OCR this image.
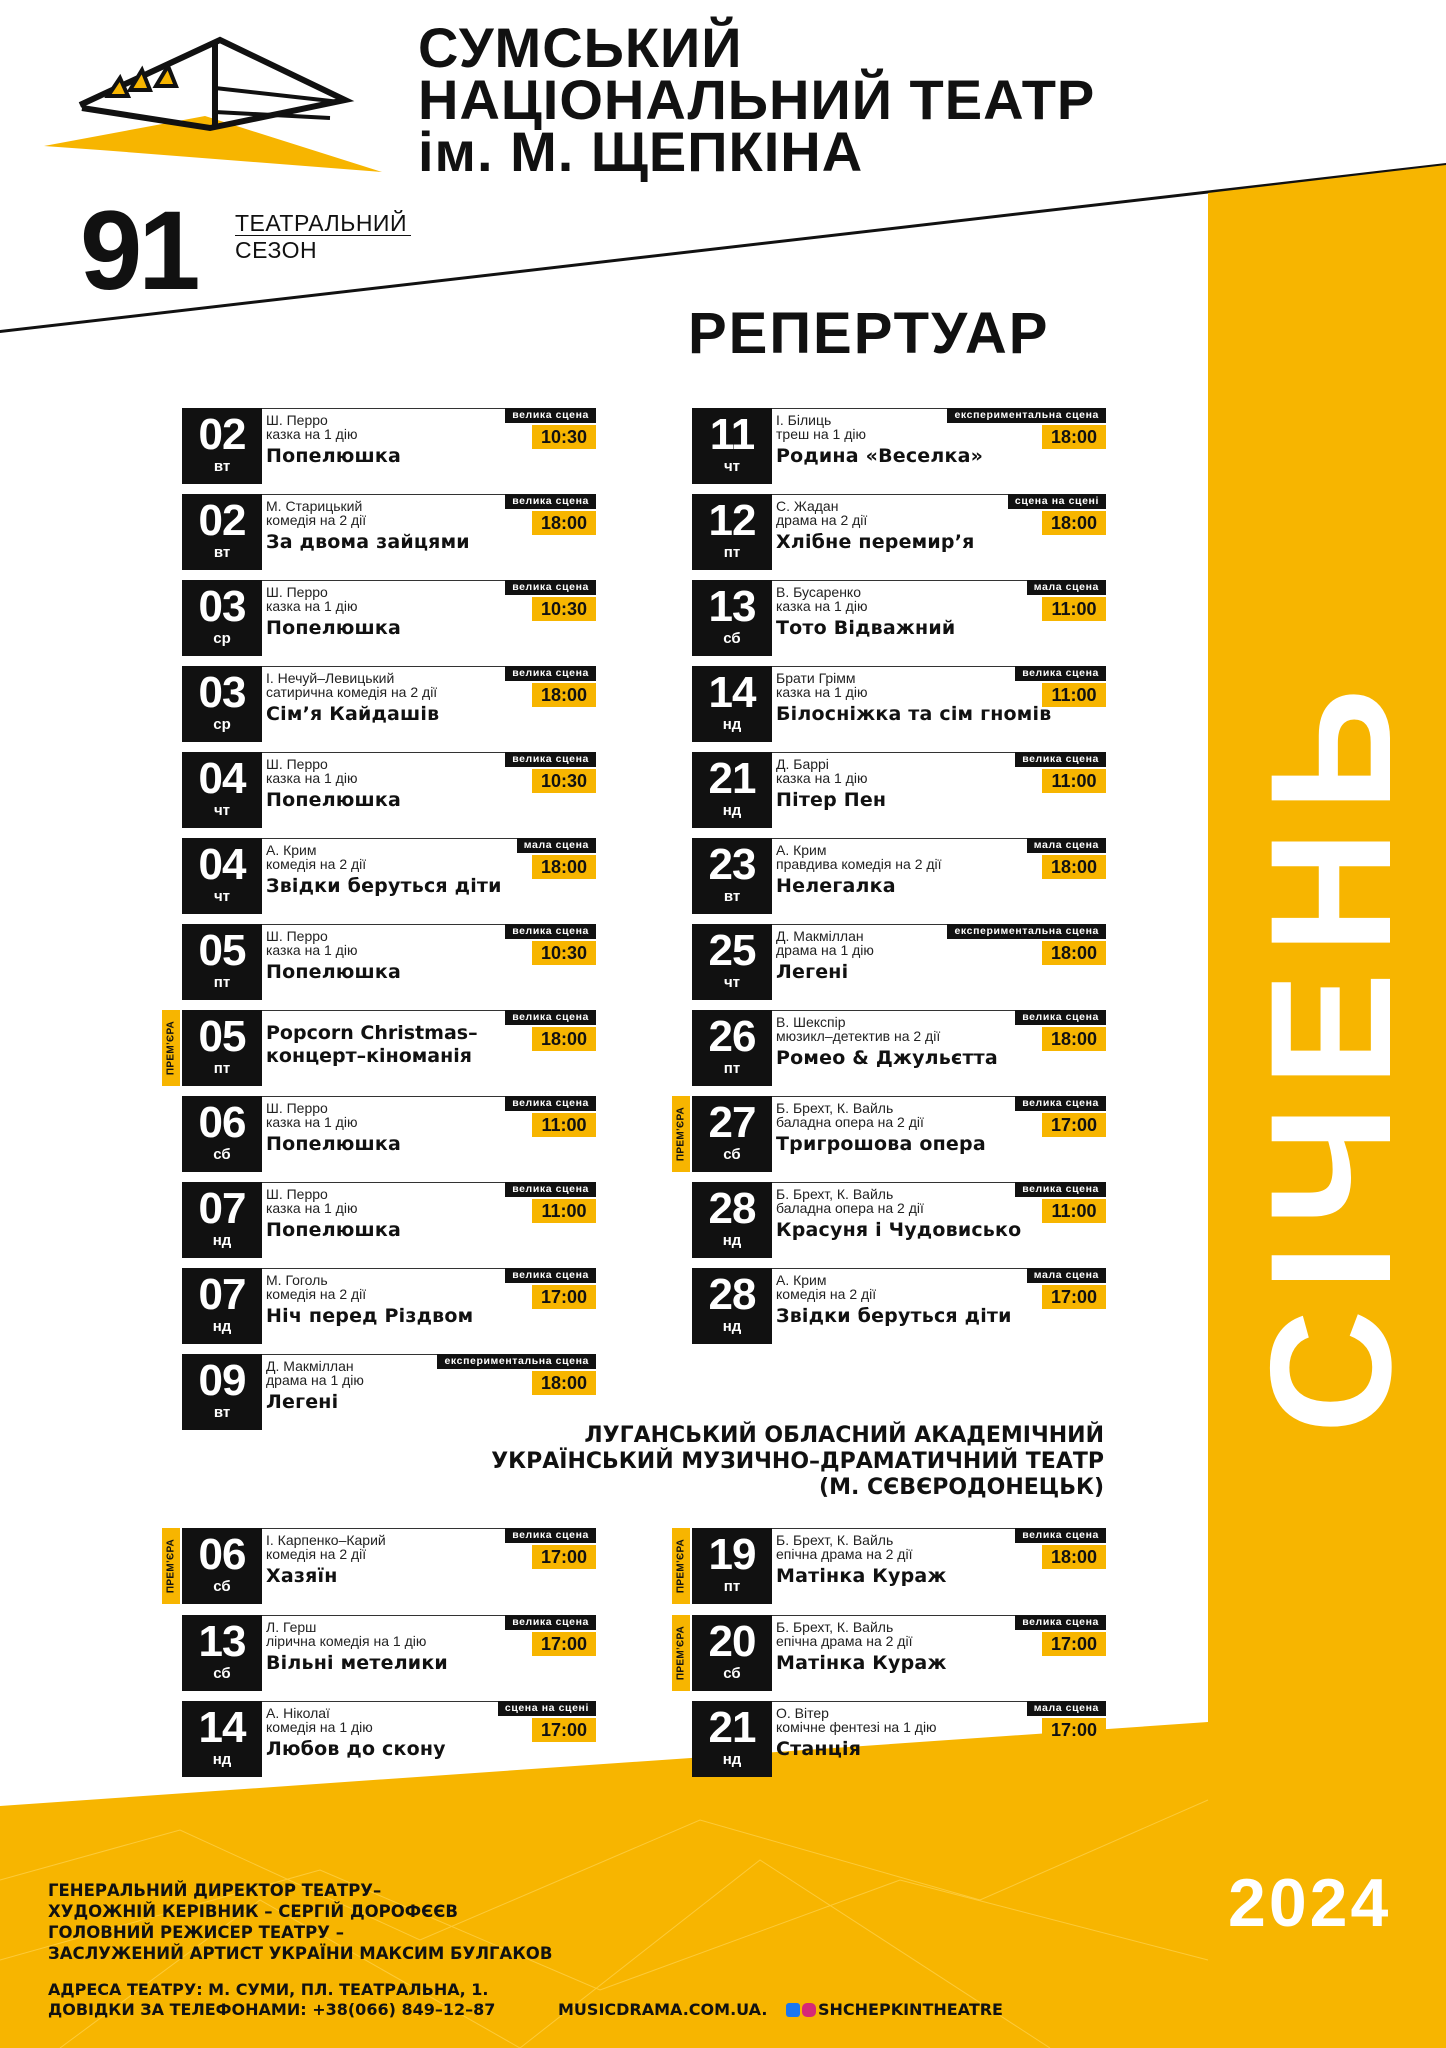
СУМСЬКИЙ
НАЦІОНАЛЬНИЙ ТЕАТР
ім. М. ЩЕПКІНА
91 ТЕАТРАЛЬНИЙ
СЕЗОН
РЕПЕРТУАР
СІЧЕНЬ
2024
ЛУГАНСЬКИЙ ОБЛАСНИЙ АКАДЕМІЧНИЙ
УКРАЇНСЬКИЙ МУЗИЧНО–ДРАМАТИЧНИЙ ТЕАТР
(М. СЄВЄРОДОНЕЦЬК)
ГЕНЕРАЛЬНИЙ ДИРЕКТОР ТЕАТРУ–
ХУДОЖНІЙ КЕРІВНИК – СЕРГІЙ ДОРОФЄЄВ
ГОЛОВНИЙ РЕЖИСЕР ТЕАТРУ –
ЗАСЛУЖЕНИЙ АРТИСТ УКРАЇНИ МАКСИМ БУЛГАКОВ
АДРЕСА ТЕАТРУ: М. СУМИ, ПЛ. ТЕАТРАЛЬНА, 1.
ДОВІДКИ ЗА ТЕЛЕФОНАМИ: +38(066) 849–12–87	MUSICDRAMA.COM.UA.	SHCHEPKINTHEATRE
02
вт
велика сцена
10:30
Ш. Перро
казка на 1 дію
Попелюшка
02
вт
велика сцена
18:00
М. Старицький
комедія на 2 дії
За двома зайцями
03
ср
велика сцена
10:30
Ш. Перро
казка на 1 дію
Попелюшка
03
ср
велика сцена
18:00
І. Нечуй–Левицький
сатирична комедія на 2 дії
Сім’я Кайдашів
04
чт
велика сцена
10:30
Ш. Перро
казка на 1 дію
Попелюшка
04
чт
мала сцена
18:00
А. Крим
комедія на 2 дії
Звідки беруться діти
05
пт
велика сцена
10:30
Ш. Перро
казка на 1 дію
Попелюшка
ПРЕМ’ЄРА 05
пт
велика сцена
18:00
Popcorn Christmas–
концерт–кіноманія
06
сб
велика сцена
11:00
Ш. Перро
казка на 1 дію
Попелюшка
07
нд
велика сцена
11:00
Ш. Перро
казка на 1 дію
Попелюшка
07
нд
велика сцена
17:00
М. Гоголь
комедія на 2 дії
Ніч перед Різдвом
09
вт
експериментальна сцена
18:00
Д. Макміллан
драма на 1 дію
Легені
11
чт
експериментальна сцена
18:00
І. Білиць
треш на 1 дію
Родина «Веселка»
12
пт
сцена на сцені
18:00
С. Жадан
драма на 2 дії
Хлібне перемир’я
13
сб
мала сцена
11:00
В. Бусаренко
казка на 1 дію
Тото Відважний
14
нд
велика сцена
11:00
Брати Грімм
казка на 1 дію
Білосніжка та сім гномів
21
нд
велика сцена
11:00
Д. Баррі
казка на 1 дію
Пітер Пен
23
вт
мала сцена
18:00
А. Крим
правдива комедія на 2 дії
Нелегалка
25
чт
експериментальна сцена
18:00
Д. Макміллан
драма на 1 дію
Легені
26
пт
велика сцена
18:00
В. Шекспір
мюзикл–детектив на 2 дії
Ромео & Джульєтта
ПРЕМ’ЄРА 27
сб
велика сцена
17:00
Б. Брехт, К. Вайль
баладна опера на 2 дії
Тригрошова опера
28
нд
велика сцена
11:00
Б. Брехт, К. Вайль
баладна опера на 2 дії
Красуня і Чудовисько
28
нд
мала сцена
17:00
А. Крим
комедія на 2 дії
Звідки беруться діти
ПРЕМ’ЄРА 06
сб
велика сцена
17:00
І. Карпенко–Карий
комедія на 2 дії
Хазяїн
13
сб
велика сцена
17:00
Л. Герш
лірична комедія на 1 дію
Вільні метелики
14
нд
сцена на сцені
17:00
А. Ніколаї
комедія на 1 дію
Любов до скону
ПРЕМ’ЄРА 19
пт
велика сцена
18:00
Б. Брехт, К. Вайль
епічна драма на 2 дії
Матінка Кураж
ПРЕМ’ЄРА 20
сб
велика сцена
17:00
Б. Брехт, К. Вайль
епічна драма на 2 дії
Матінка Кураж
21
нд
мала сцена
17:00
О. Вітер
комічне фентезі на 1 дію
Станція
